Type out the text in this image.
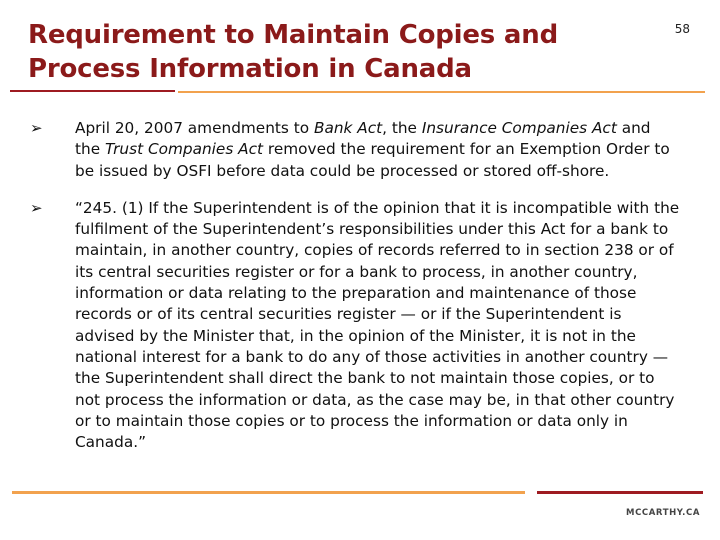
Requirement to Maintain Copies and Process Information in Canada
58
➢ April 20, 2007 amendments to Bank Act, the Insurance Companies Act and the Trust Companies Act removed the requirement for an Exemption Order to be issued by OSFI before data could be processed or stored off-shore.
➢ “245. (1) If the Superintendent is of the opinion that it is incompatible with the fulfilment of the Superintendent’s responsibilities under this Act for a bank to maintain, in another country, copies of records referred to in section 238 or of its central securities register or for a bank to process, in another country, information or data relating to the preparation and maintenance of those records or of its central securities register — or if the Superintendent is advised by the Minister that, in the opinion of the Minister, it is not in the national interest for a bank to do any of those activities in another country — the Superintendent shall direct the bank to not maintain those copies, or to not process the information or data, as the case may be, in that other country or to maintain those copies or to process the information or data only in Canada.”
MCCARTHY.CA
